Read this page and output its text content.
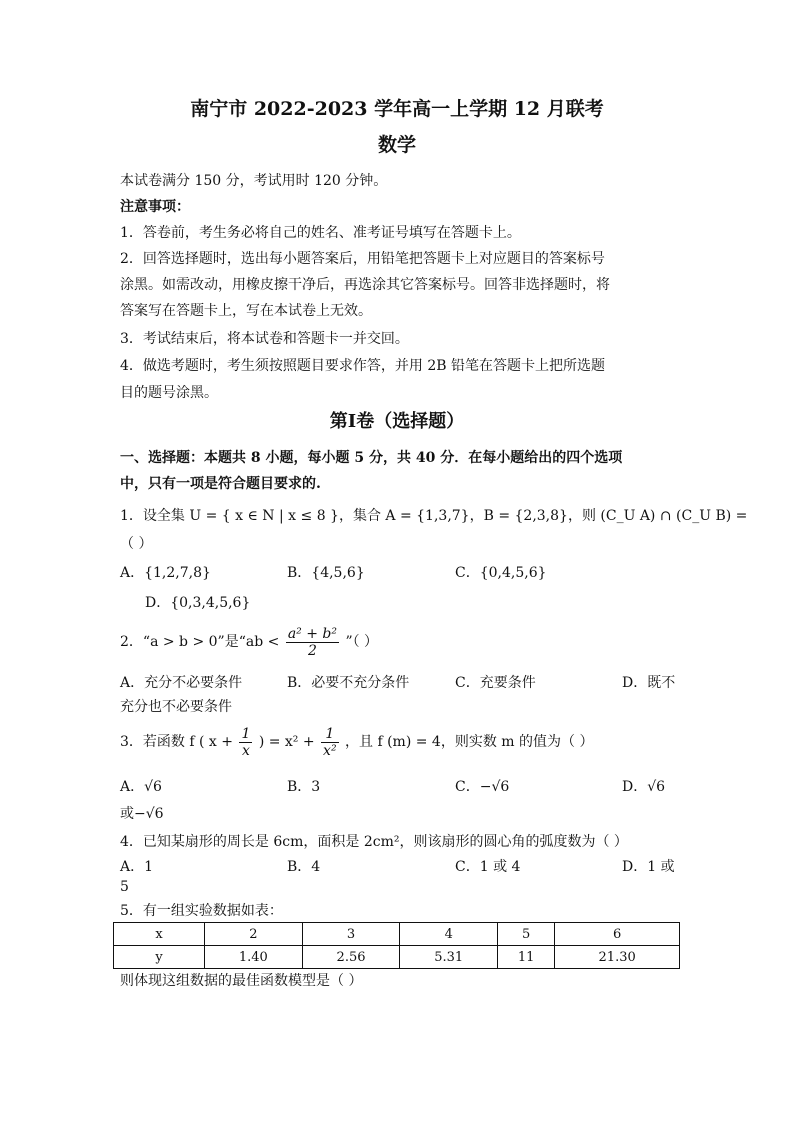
南宁市 2022-2023 学年高一上学期 12 月联考
数学
本试卷满分 150 分，考试用时 120 分钟。
注意事项：
1．答卷前，考生务必将自己的姓名、准考证号填写在答题卡上。
2．回答选择题时，选出每小题答案后，用铅笔把答题卡上对应题目的答案标号
涂黑。如需改动，用橡皮擦干净后，再选涂其它答案标号。回答非选择题时，将
答案写在答题卡上，写在本试卷上无效。
3．考试结束后，将本试卷和答题卡一并交回。
4．做选考题时，考生须按照题目要求作答，并用 2B 铅笔在答题卡上把所选题
目的题号涂黑。
第Ⅰ卷（选择题）
一、选择题：本题共 8 小题，每小题 5 分，共 40 分．在每小题给出的四个选项
中，只有一项是符合题目要求的.
1．设全集 U = { x ∈ N | x ≤ 8 }，集合 A = {1,3,7}，B = {2,3,8}，则 (C_U A) ∩ (C_U B) =
（ ）
A．{1,2,7,8}	B．{4,5,6}	C．{0,4,5,6}
D．{0,3,4,5,6}
2．“a > b > 0”是“ab < $\frac{\text{a² + b²}}{2}$ ”（ ）
A．充分不必要条件	B．必要不充分条件	C．充要条件	D．既不
充分也不必要条件
3．若函数 f ( $x + \frac{1}{x}$ ) = $x^2 + \frac{1}{\text{x²}}$ ，且 f (m) = 4，则实数 m 的值为（ ）
A．√6	B．3	C．−√6	D．√6
或−√6
4．已知某扇形的周长是 6cm，面积是 2cm²，则该扇形的圆心角的弧度数为（ ）
A．1	B．4	C．1 或 4	D．1 或
5
5．有一组实验数据如表：
x	2	3	4	5	6
y	1.40	2.56	5.31	11	21.30
则体现这组数据的最佳函数模型是（ ）
